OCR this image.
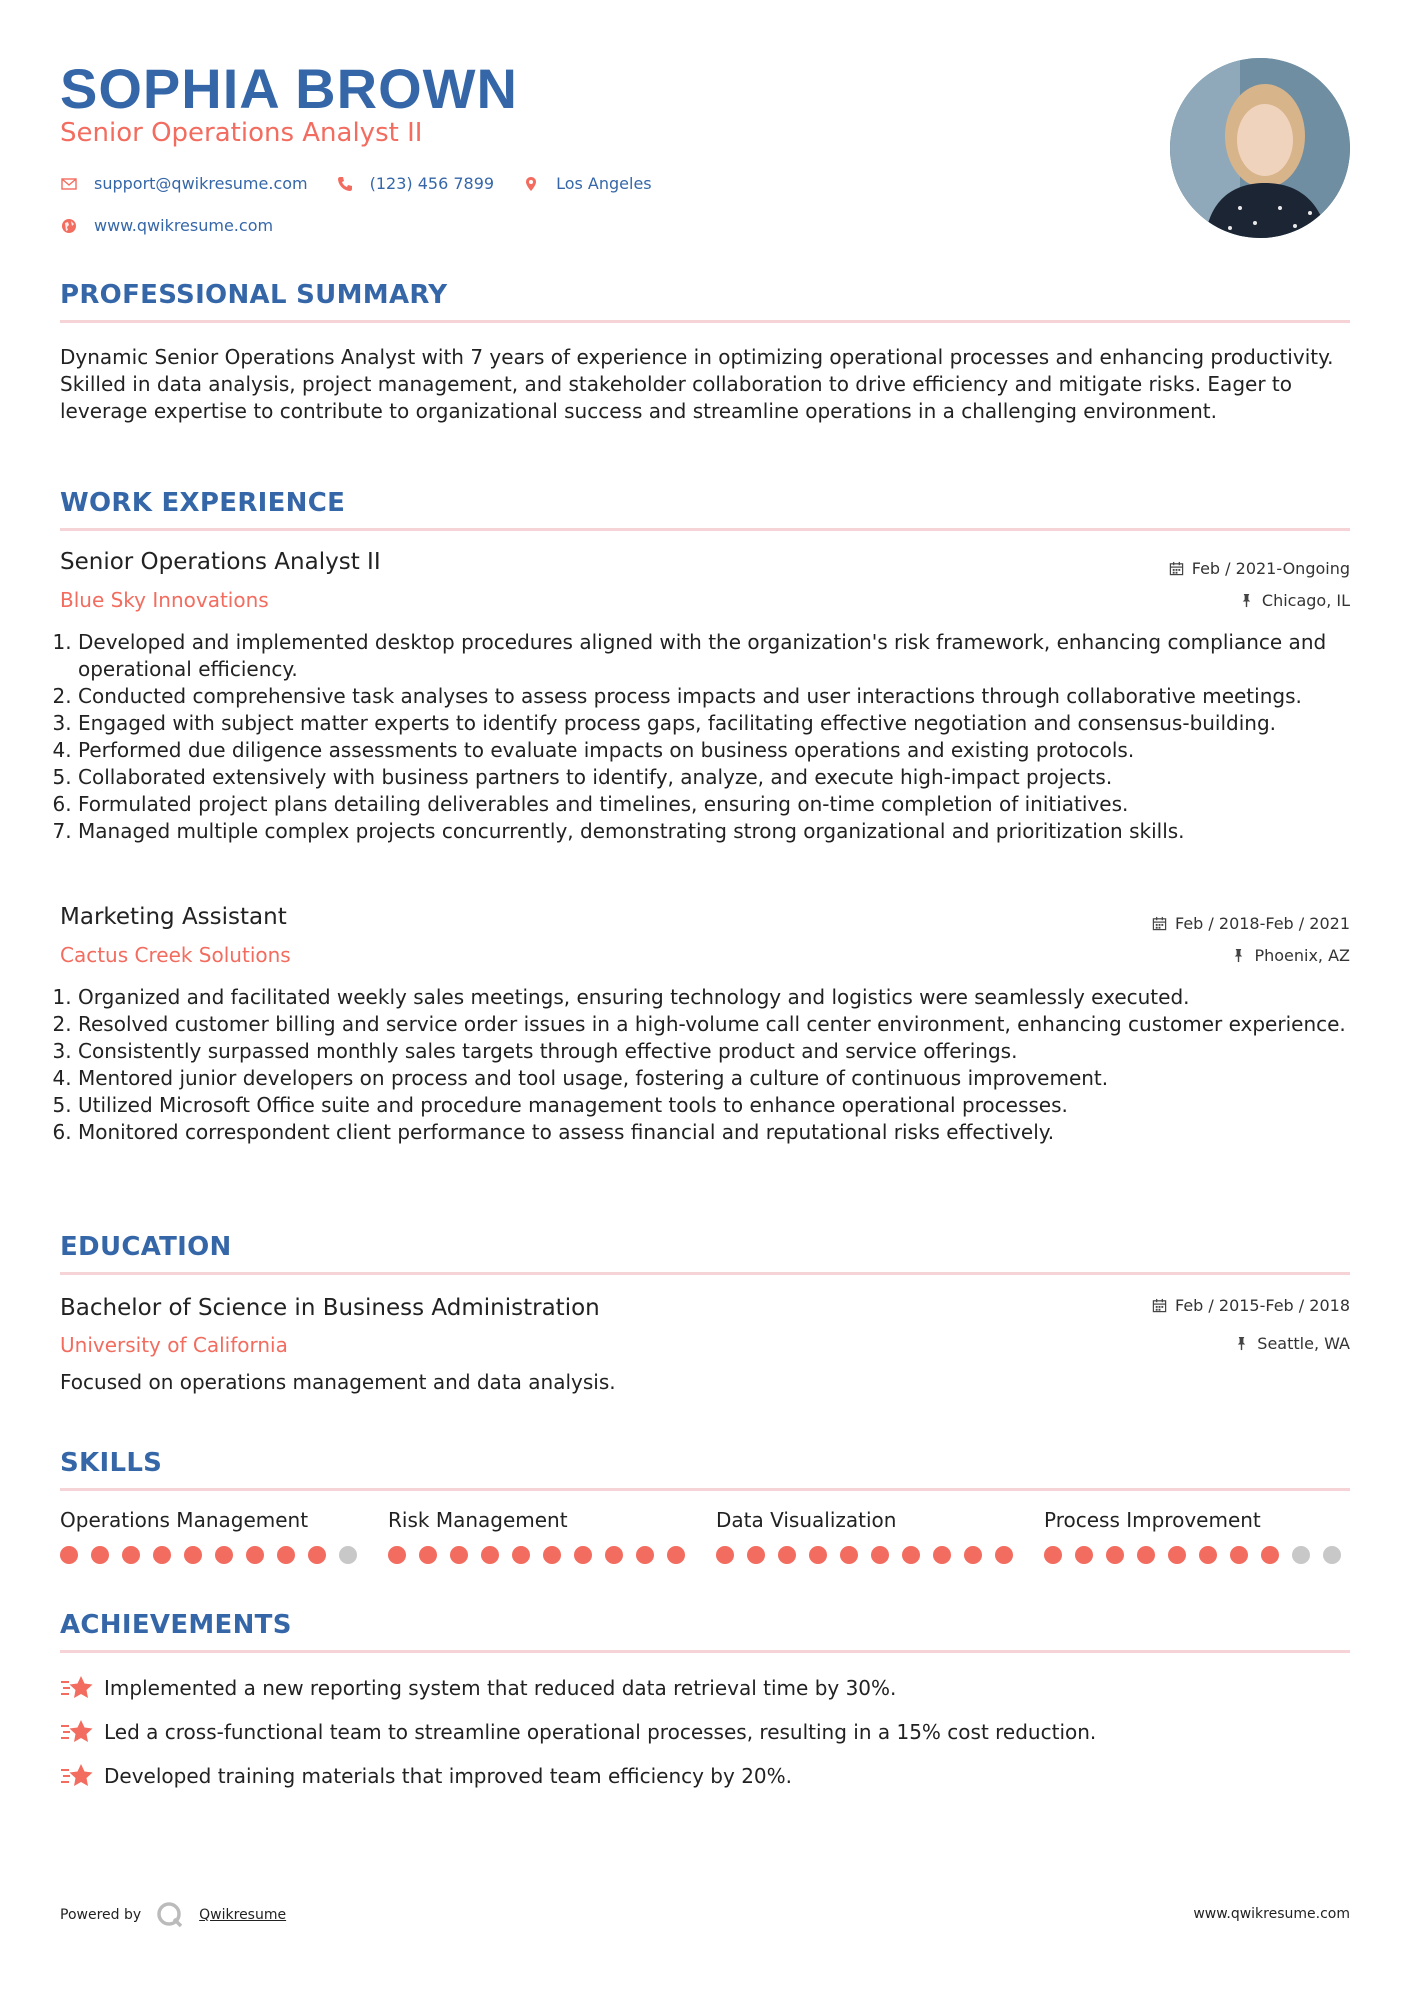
SOPHIA BROWN
Senior Operations Analyst II
support@qwikresume.com	(123) 456 7899	Los Angeles
www.qwikresume.com
PROFESSIONAL SUMMARY

Dynamic Senior Operations Analyst with 7 years of experience in optimizing operational processes and enhancing productivity. Skilled in data analysis, project management, and stakeholder collaboration to drive efficiency and mitigate risks. Eager to leverage expertise to contribute to organizational success and streamline operations in a challenging environment.

WORK EXPERIENCE
Senior Operations Analyst II
Blue Sky Innovations
Feb / 2021-Ongoing
Chicago, IL
1. Developed and implemented desktop procedures aligned with the organization's risk framework, enhancing compliance and operational efficiency.
2. Conducted comprehensive task analyses to assess process impacts and user interactions through collaborative meetings.
3. Engaged with subject matter experts to identify process gaps, facilitating effective negotiation and consensus-building.
4. Performed due diligence assessments to evaluate impacts on business operations and existing protocols.
5. Collaborated extensively with business partners to identify, analyze, and execute high-impact projects.
6. Formulated project plans detailing deliverables and timelines, ensuring on-time completion of initiatives.
7. Managed multiple complex projects concurrently, demonstrating strong organizational and prioritization skills.
Marketing Assistant
Cactus Creek Solutions
Feb / 2018-Feb / 2021
Phoenix, AZ
1. Organized and facilitated weekly sales meetings, ensuring technology and logistics were seamlessly executed.
2. Resolved customer billing and service order issues in a high-volume call center environment, enhancing customer experience.
3. Consistently surpassed monthly sales targets through effective product and service offerings.
4. Mentored junior developers on process and tool usage, fostering a culture of continuous improvement.
5. Utilized Microsoft Office suite and procedure management tools to enhance operational processes.
6. Monitored correspondent client performance to assess financial and reputational risks effectively.
EDUCATION
Bachelor of Science in Business Administration
University of California
Feb / 2015-Feb / 2018
Seattle, WA

Focused on operations management and data analysis.

SKILLS
Operations Management	Risk Management	Data Visualization	Process Improvement
ACHIEVEMENTS
Implemented a new reporting system that reduced data retrieval time by 30%.
Led a cross-functional team to streamline operational processes, resulting in a 15% cost reduction.
Developed training materials that improved team efficiency by 20%.
Powered by	Qwikresume	www.qwikresume.com
